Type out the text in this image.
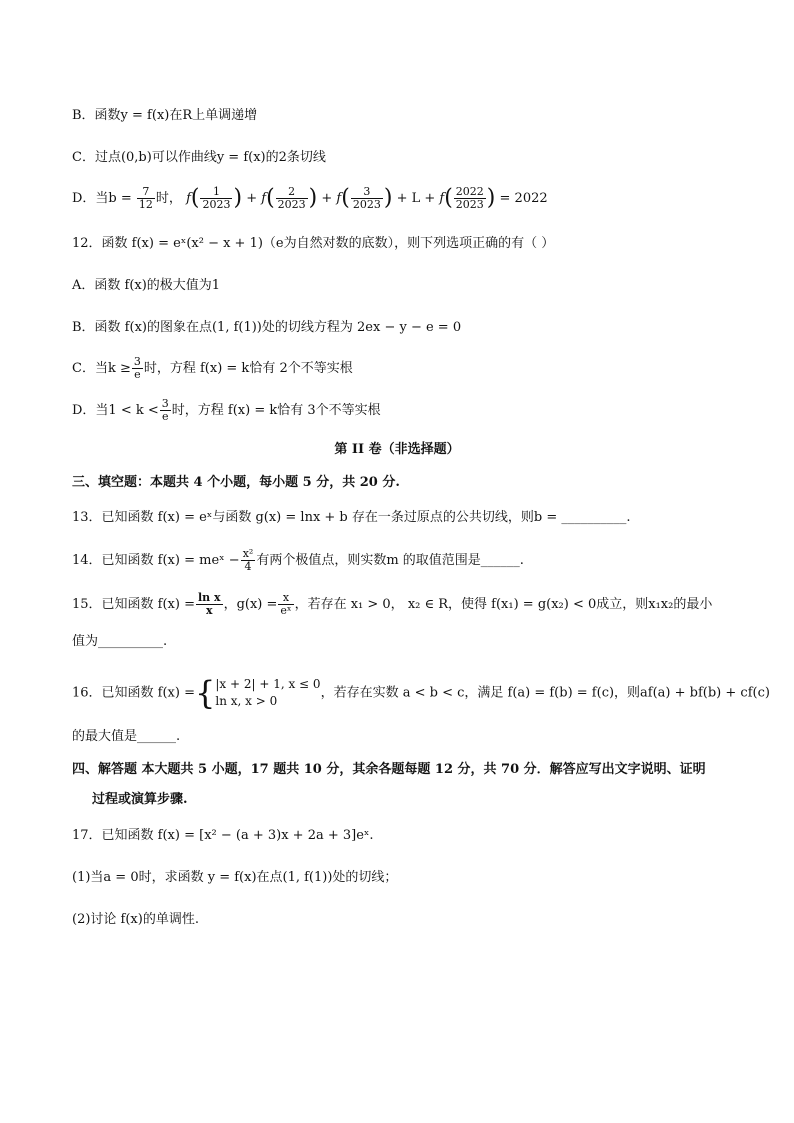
B．函数y = f(x)在R上单调递增
C．过点(0,b)可以作曲线y = f(x)的2条切线
D．当$b = \frac{7}{12}$ 时， $f( \frac{1}{2023}$ ) + $f( \frac{2}{2023}$ ) + $f( \frac{3}{2023}$ ) + $L + f( \frac{2022}{2023}$ ) = 2022
12．函数 f(x) = eˣ(x² − x + 1)（e为自然对数的底数），则下列选项正确的有（ ）
A．函数 f(x)的极大值为1
B．函数 f(x)的图象在点(1, f(1))处的切线方程为 2ex − y − e = 0
C．当$k \ge \frac{3}{e}$ 时，方程 f(x) = k恰有 2个不等实根
D．当$1 < k < \frac{3}{e}$ 时，方程 f(x) = k恰有 3个不等实根
第 II 卷（非选择题）
三、填空题：本题共 4 个小题，每小题 5 分，共 20 分.
13．已知函数 f(x) = eˣ与函数 g(x) = lnx + b 存在一条过原点的公共切线，则b = __________.
14．已知函数 f(x) = meˣ − $\frac{\text{x²}}{4}$ 有两个极值点，则实数m 的取值范围是______.
15．已知函数 $f(x) = \frac{\text{ln x}}{x}$ ，$g(x) = \frac{x}{\text{eˣ}}$ ，若存在 x₁ > 0， x₂ ∈ R，使得 f(x₁) = g(x₂) < 0成立，则x₁x₂的最小
值为__________.
16．已知函数 f(x) ={ |x + 2| + 1, x ≤ 0
ln x, x > 0
，若存在实数 a < b < c，满足 f(a) = f(b) = f(c)，则af(a) + bf(b) + cf(c)
的最大值是______.
四、解答题 本大题共 5 小题，17 题共 10 分，其余各题每题 12 分，共 70 分．解答应写出文字说明、证明
过程或演算步骤.
17．已知函数 f(x) = [x² − (a + 3)x + 2a + 3]eˣ.
(1)当a = 0时，求函数 y = f(x)在点(1, f(1))处的切线；
(2)讨论 f(x)的单调性.
